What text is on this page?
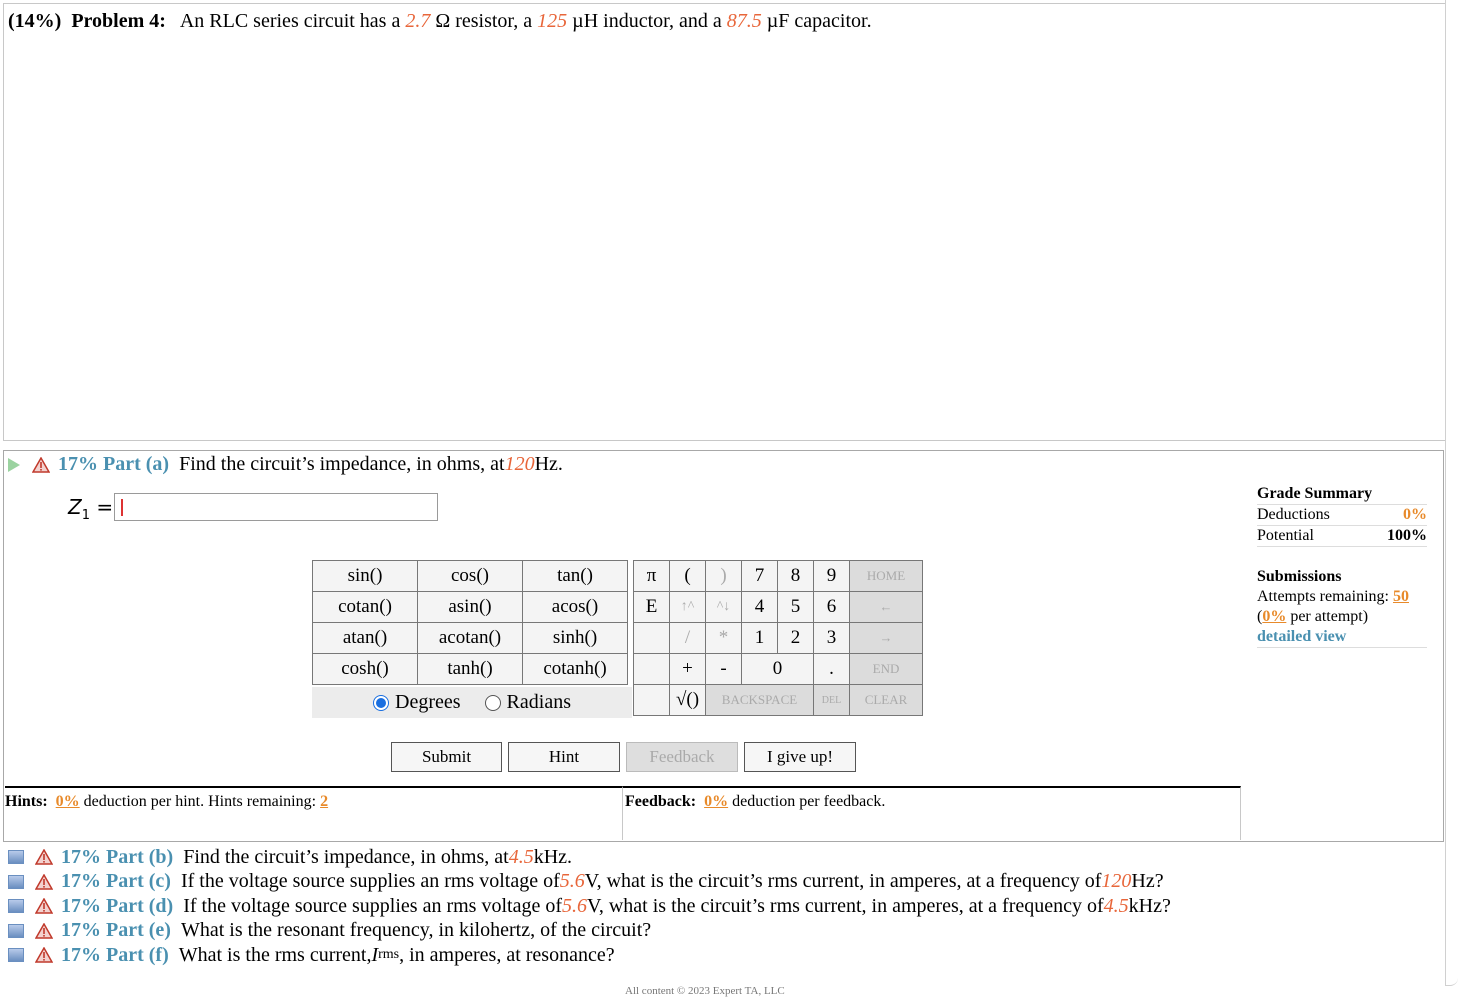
(14%) Problem 4: An RLC series circuit has a 2.7 Ω resistor, a 125 µH inductor, and a 87.5 µF capacitor.
17% Part (a) Find the circuit’s impedance, in ohms, at 120 Hz.
$Z_1$ =
sin()	cos()	tan()
cotan()	asin()	acos()
atan()	acotan()	sinh()
cosh()	tanh()	cotanh()
Degrees Radians
π	(	)	7	8	9	HOME
E	↑^	^↓	4	5	6	←
	/	*	1	2	3	→
	+	-	0		.	END
	√()	BACKSPACE			DEL	CLEAR
Submit	Hint	Feedback	I give up!
Hints: 0% deduction per hint. Hints remaining: 2	Feedback: 0% deduction per feedback.
Grade Summary
Deductions	0%
Potential	100%
Submissions
Attempts remaining: 50
(0% per attempt)
detailed view
17% Part (b) Find the circuit’s impedance, in ohms, at 4.5 kHz.
17% Part (c) If the voltage source supplies an rms voltage of 5.6 V, what is the circuit’s rms current, in amperes, at a frequency of 120 Hz?
17% Part (d) If the voltage source supplies an rms voltage of 5.6 V, what is the circuit’s rms current, in amperes, at a frequency of 4.5 kHz?
17% Part (e) What is the resonant frequency, in kilohertz, of the circuit?
17% Part (f) What is the rms current, I rms , in amperes, at resonance?
All content © 2023 Expert TA, LLC
